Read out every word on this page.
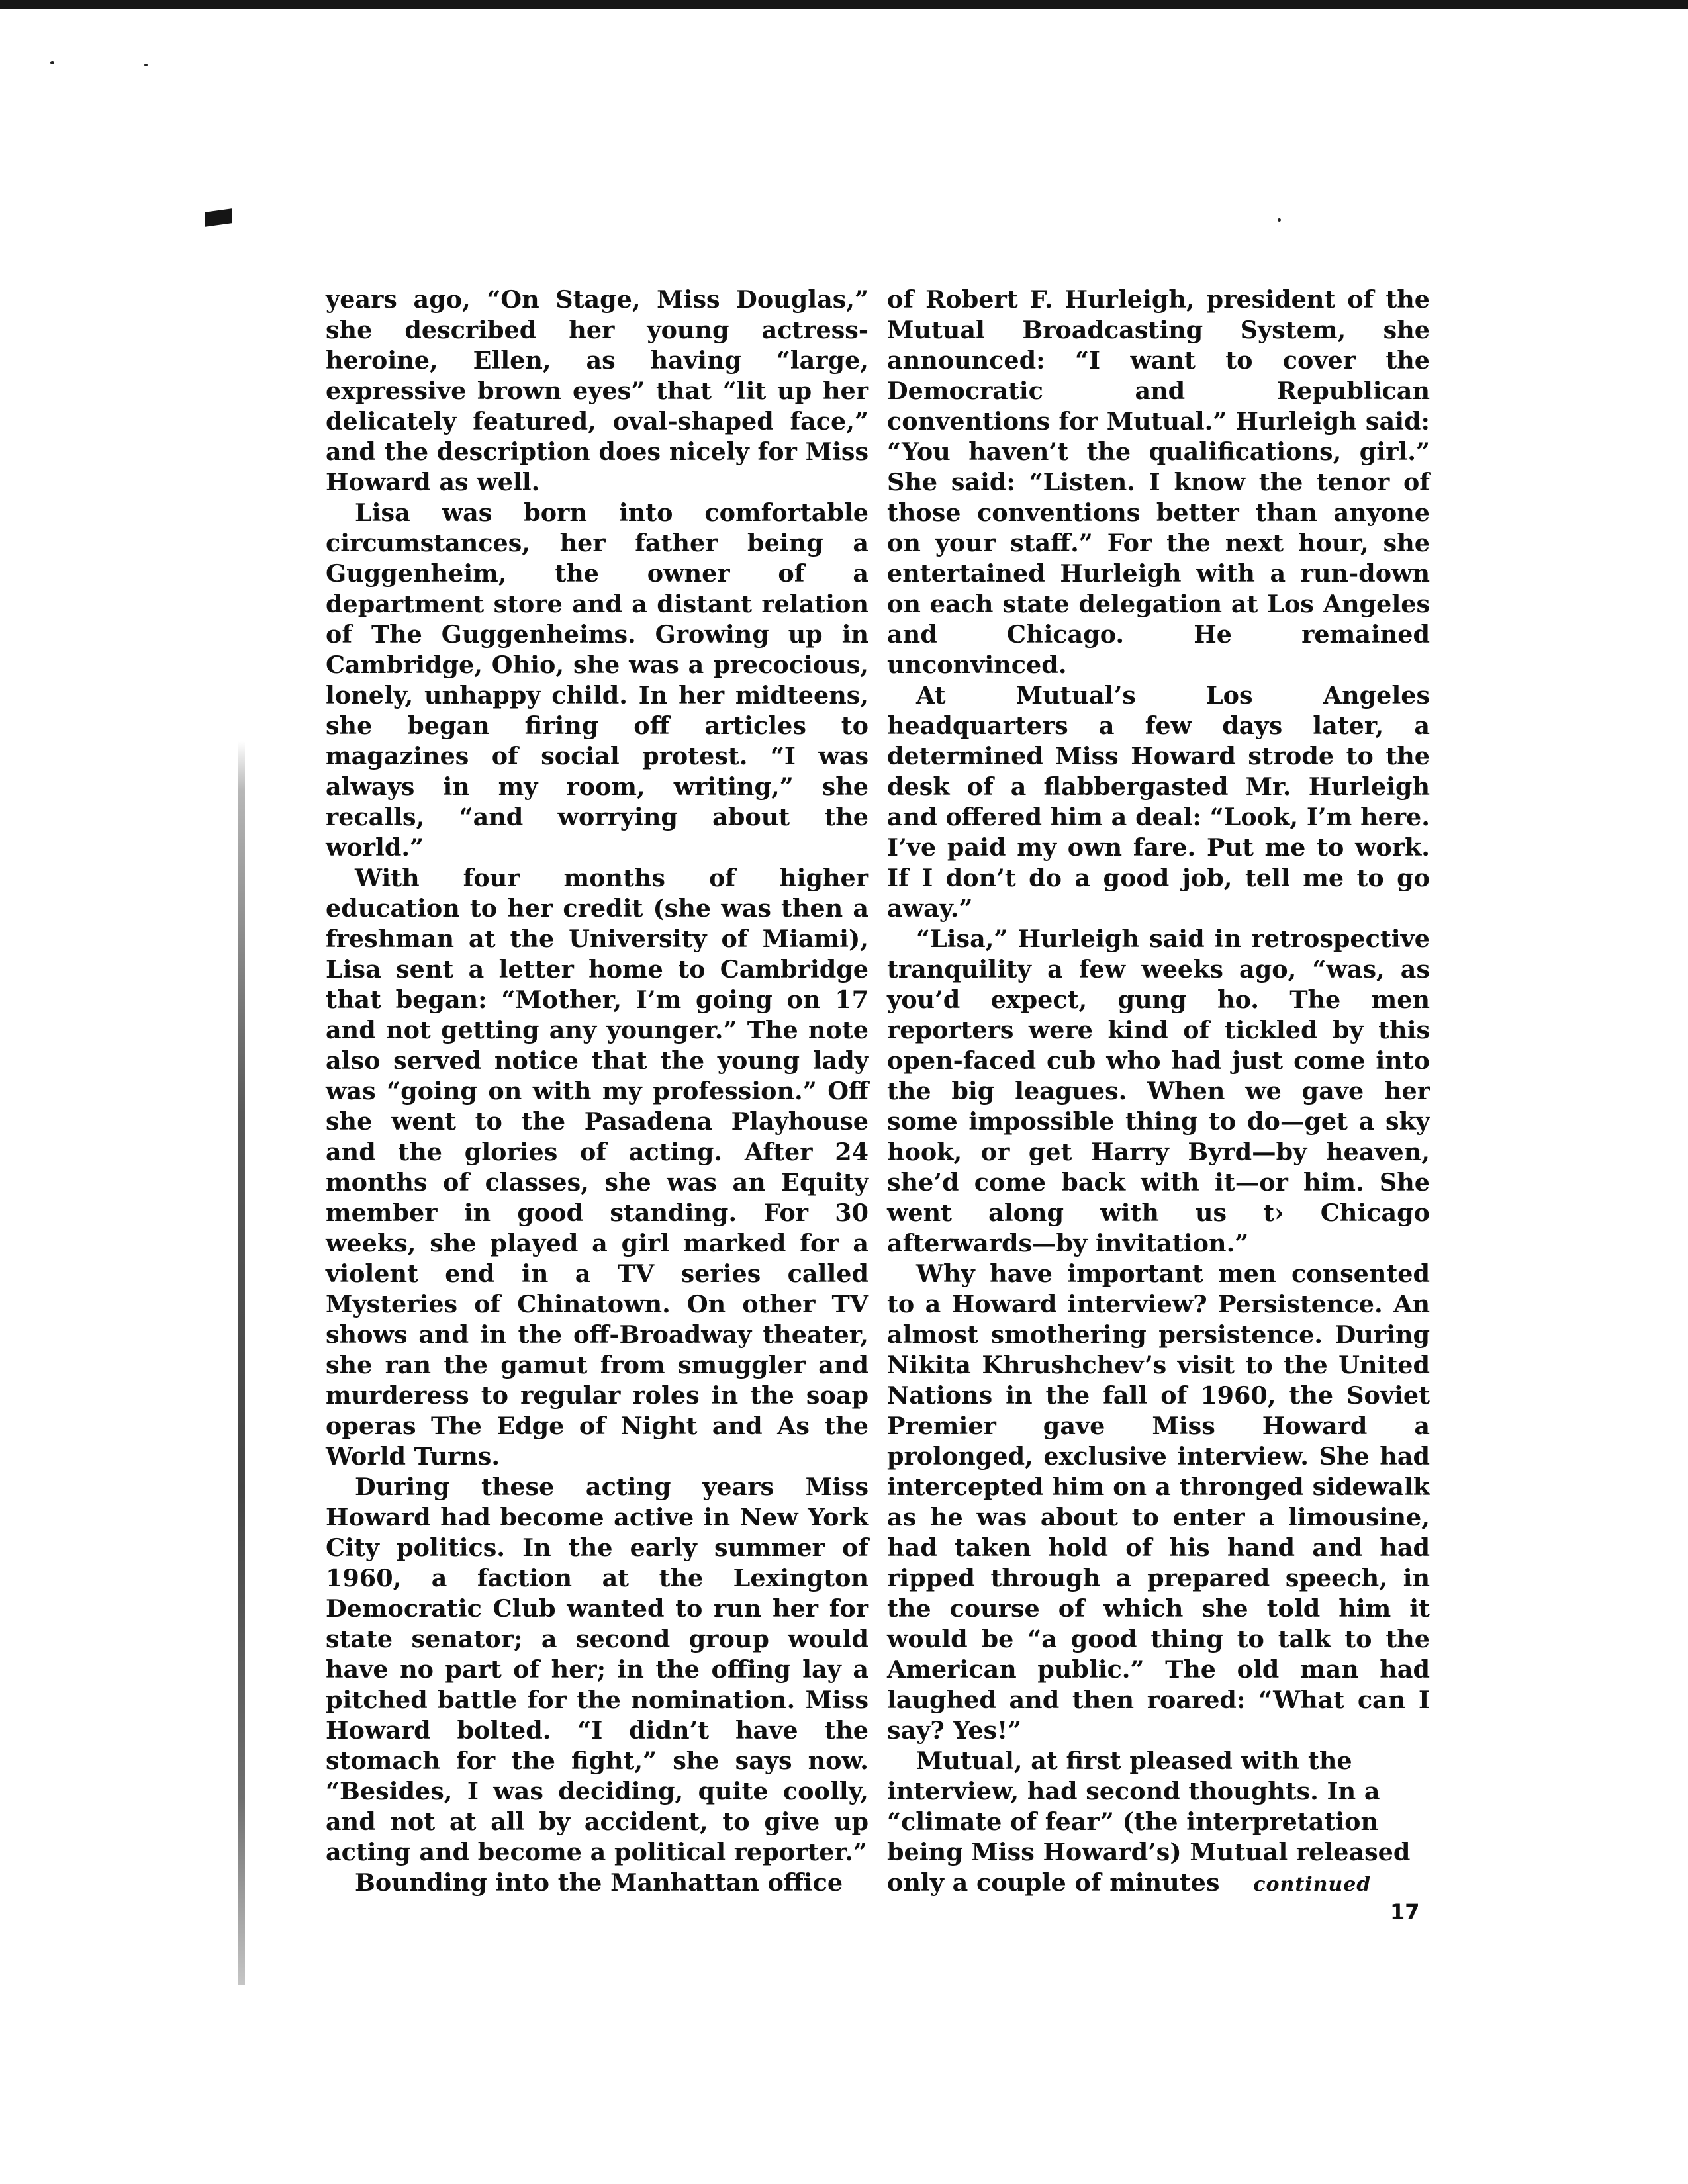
years ago, “On Stage, Miss Douglas,” she described her young actress-heroine, Ellen, as having “large, expressive brown eyes” that “lit up her delicately featured, oval-shaped face,” and the description does nicely for Miss Howard as well.

Lisa was born into comfortable circumstances, her father being a Guggenheim, the owner of a department store and a distant relation of The Guggenheims. Growing up in Cambridge, Ohio, she was a precocious, lonely, unhappy child. In her midteens, she began firing off articles to magazines of social protest. “I was always in my room, writing,” she recalls, “and worrying about the world.”

With four months of higher education to her credit (she was then a freshman at the University of Miami), Lisa sent a letter home to Cambridge that began: “Mother, I’m going on 17 and not getting any younger.” The note also served notice that the young lady was “going on with my profession.” Off she went to the Pasadena Playhouse and the glories of acting. After 24 months of classes, she was an Equity member in good standing. For 30 weeks, she played a girl marked for a violent end in a TV series called Mysteries of Chinatown. On other TV shows and in the off-Broadway theater, she ran the gamut from smuggler and murderess to regular roles in the soap operas The Edge of Night and As the World Turns.

During these acting years Miss Howard had become active in New York City politics. In the early summer of 1960, a faction at the Lexington Democratic Club wanted to run her for state senator; a second group would have no part of her; in the offing lay a pitched battle for the nomination. Miss Howard bolted. “I didn’t have the stomach for the fight,” she says now. “Besides, I was deciding, quite coolly, and not at all by accident, to give up acting and become a political reporter.”

Bounding into the Manhattan office

of Robert F. Hurleigh, president of the Mutual Broadcasting System, she announced: “I want to cover the Democratic and Republican conventions for Mutual.” Hurleigh said: “You haven’t the qualifications, girl.” She said: “Listen. I know the tenor of those conventions better than anyone on your staff.” For the next hour, she entertained Hurleigh with a run-down on each state delegation at Los Angeles and Chicago. He remained unconvinced.

At Mutual’s Los Angeles headquarters a few days later, a determined Miss Howard strode to the desk of a flabbergasted Mr. Hurleigh and offered him a deal: “Look, I’m here. I’ve paid my own fare. Put me to work. If I don’t do a good job, tell me to go away.”

“Lisa,” Hurleigh said in retrospective tranquility a few weeks ago, “was, as you’d expect, gung ho. The men reporters were kind of tickled by this open-faced cub who had just come into the big leagues. When we gave her some impossible thing to do—get a sky hook, or get Harry Byrd—by heaven, she’d come back with it—or him. She went along with us t› Chicago afterwards—by invitation.”

Why have important men consented to a Howard interview? Persistence. An almost smothering persistence. During Nikita Khrushchev’s visit to the United Nations in the fall of 1960, the Soviet Premier gave Miss Howard a prolonged, exclusive interview. She had intercepted him on a thronged sidewalk as he was about to enter a limousine, had taken hold of his hand and had ripped through a prepared speech, in the course of which she told him it would be “a good thing to talk to the American public.” The old man had laughed and then roared: “What can I say? Yes!”

Mutual, at first pleased with the interview, had second thoughts. In a “climate of fear” (the interpretation being Miss Howard’s) Mutual released only a couple of minutes continued

17
